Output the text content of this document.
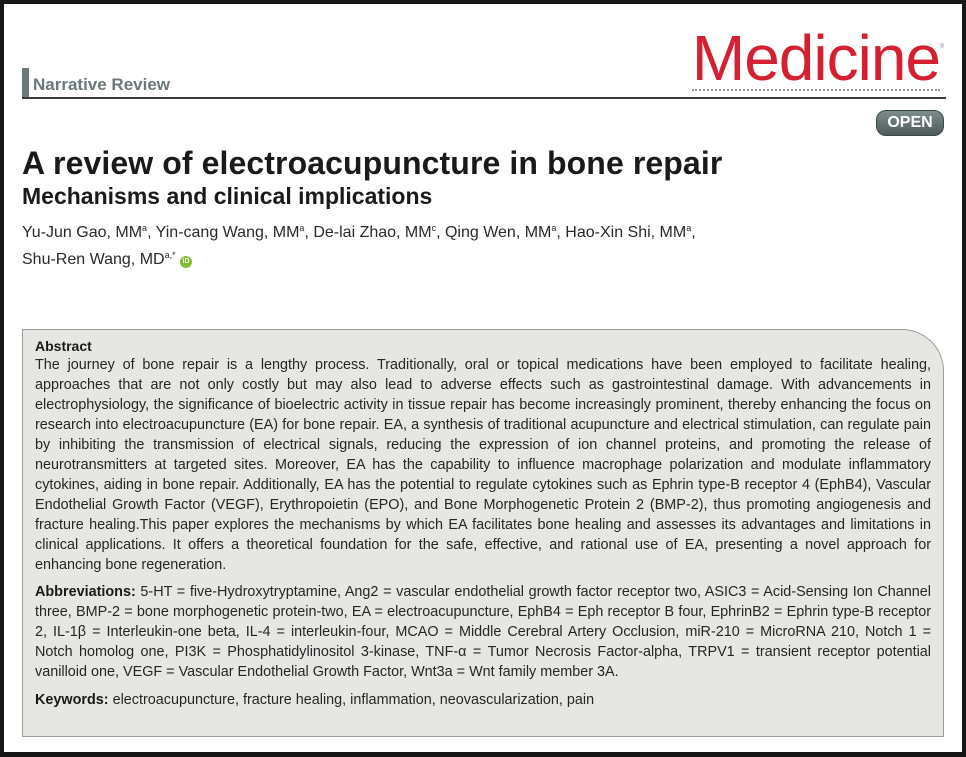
Narrative Review	Medicine ®
OPEN
A review of electroacupuncture in bone repair
Mechanisms and clinical implications
Yu-Jun Gao, $MM^a$, Yin-cang Wang, $MM^a$, De-lai Zhao, $MM^c$, Qing Wen, $MM^a$, Hao-Xin Shi, $MM^a$,
Shu-Ren Wang, $MD^{a,*}$ iD
Abstract

The journey of bone repair is a lengthy process. Traditionally, oral or topical medications have been employed to facilitate healing, approaches that are not only costly but may also lead to adverse effects such as gastrointestinal damage. With advancements in electrophysiology, the significance of bioelectric activity in tissue repair has become increasingly prominent, thereby enhancing the focus on research into electroacupuncture (EA) for bone repair. EA, a synthesis of traditional acupuncture and electrical stimulation, can regulate pain by inhibiting the transmission of electrical signals, reducing the expression of ion channel proteins, and promoting the release of neurotransmitters at targeted sites. Moreover, EA has the capability to influence macrophage polarization and modulate inflammatory cytokines, aiding in bone repair. Additionally, EA has the potential to regulate cytokines such as Ephrin type-B receptor 4 (EphB4), Vascular Endothelial Growth Factor (VEGF), Erythropoietin (EPO), and Bone Morphogenetic Protein 2 (BMP-2), thus promoting angiogenesis and fracture healing.This paper explores the mechanisms by which EA facilitates bone healing and assesses its advantages and limitations in clinical applications. It offers a theoretical foundation for the safe, effective, and rational use of EA, presenting a novel approach for enhancing bone regeneration.

Abbreviations: 5-HT = five-Hydroxytryptamine, Ang2 = vascular endothelial growth factor receptor two, ASIC3 = Acid-Sensing Ion Channel three, BMP-2 = bone morphogenetic protein-two, EA = electroacupuncture, EphB4 = Eph receptor B four, EphrinB2 = Ephrin type-B receptor 2, IL-1β = Interleukin-one beta, IL-4 = interleukin-four, MCAO = Middle Cerebral Artery Occlusion, miR-210 = MicroRNA 210, Notch 1 = Notch homolog one, PI3K = Phosphatidylinositol 3-kinase, TNF-α = Tumor Necrosis Factor-alpha, TRPV1 = transient receptor potential vanilloid one, VEGF = Vascular Endothelial Growth Factor, Wnt3a = Wnt family member 3A.
Keywords: electroacupuncture, fracture healing, inflammation, neovascularization, pain
